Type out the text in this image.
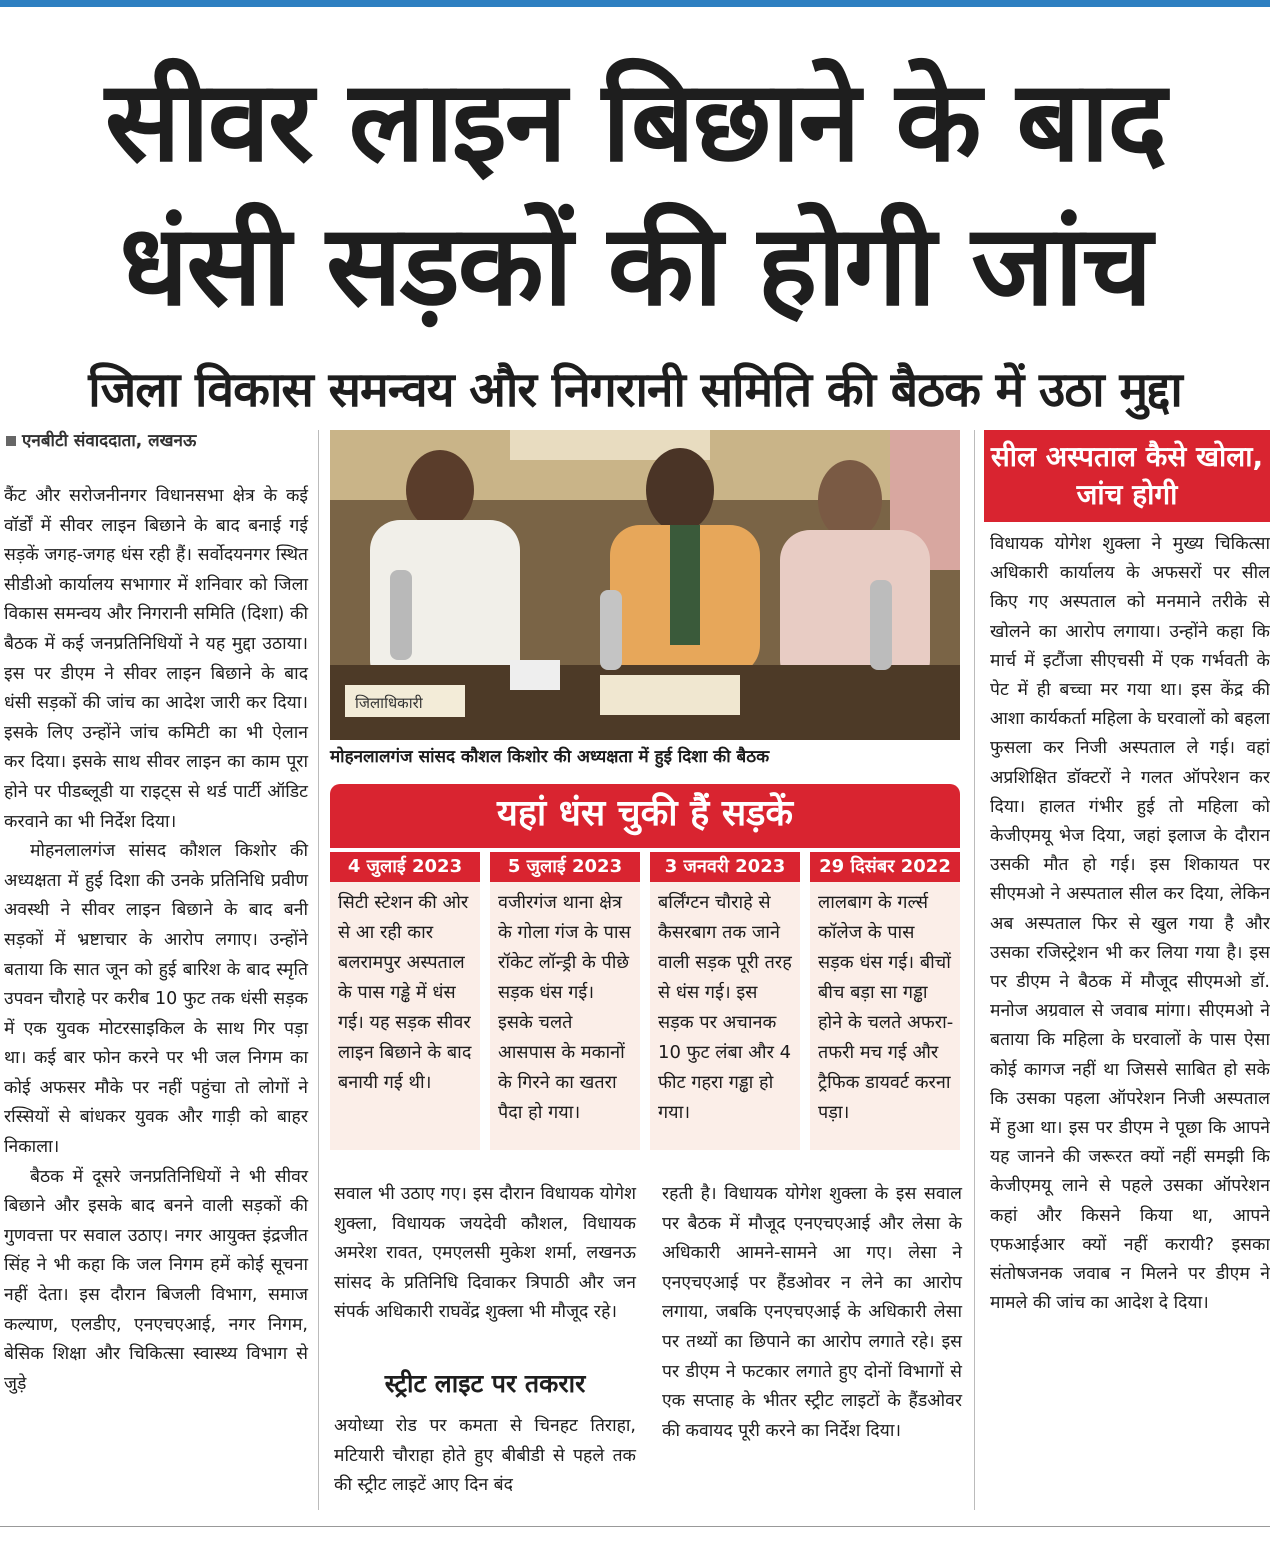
सीवर लाइन बिछाने के बाद
धंसी सड़कों की होगी जांच
जिला विकास समन्वय और निगरानी समिति की बैठक में उठा मुद्दा
एनबीटी संवाददाता, लखनऊ

कैंट और सरोजनीनगर विधानसभा क्षेत्र के कई वॉर्डों में सीवर लाइन बिछाने के बाद बनाई गई सड़कें जगह-जगह धंस रही हैं। सर्वोदयनगर स्थित सीडीओ कार्यालय सभागार में शनिवार को जिला विकास समन्वय और निगरानी समिति (दिशा) की बैठक में कई जनप्रतिनिधियों ने यह मुद्दा उठाया। इस पर डीएम ने सीवर लाइन बिछाने के बाद धंसी सड़कों की जांच का आदेश जारी कर दिया। इसके लिए उन्होंने जांच कमिटी का भी ऐलान कर दिया। इसके साथ सीवर लाइन का काम पूरा होने पर पीडब्लूडी या राइट्स से थर्ड पार्टी ऑडिट करवाने का भी निर्देश दिया।

मोहनलालगंज सांसद कौशल किशोर की अध्यक्षता में हुई दिशा की उनके प्रतिनिधि प्रवीण अवस्थी ने सीवर लाइन बिछाने के बाद बनी सड़कों में भ्रष्टाचार के आरोप लगाए। उन्होंने बताया कि सात जून को हुई बारिश के बाद स्मृति उपवन चौराहे पर करीब 10 फुट तक धंसी सड़क में एक युवक मोटरसाइकिल के साथ गिर पड़ा था। कई बार फोन करने पर भी जल निगम का कोई अफसर मौके पर नहीं पहुंचा तो लोगों ने रस्सियों से बांधकर युवक और गाड़ी को बाहर निकाला।

बैठक में दूसरे जनप्रतिनिधियों ने भी सीवर बिछाने और इसके बाद बनने वाली सड़कों की गुणवत्ता पर सवाल उठाए। नगर आयुक्त इंद्रजीत सिंह ने भी कहा कि जल निगम हमें कोई सूचना नहीं देता। इस दौरान बिजली विभाग, समाज कल्याण, एलडीए, एनएचएआई, नगर निगम, बेसिक शिक्षा और चिकित्सा स्वास्थ्य विभाग से जुड़े

जिलाधिकारी
मोहनलालगंज सांसद कौशल किशोर की अध्यक्षता में हुई दिशा की बैठक
सील अस्पताल कैसे खोला, जांच होगी
विधायक योगेश शुक्ला ने मुख्य चिकित्सा अधिकारी कार्यालय के अफसरों पर सील किए गए अस्पताल को मनमाने तरीके से खोलने का आरोप लगाया। उन्होंने कहा कि मार्च में इटौंजा सीएचसी में एक गर्भवती के पेट में ही बच्चा मर गया था। इस केंद्र की आशा कार्यकर्ता महिला के घरवालों को बहला फुसला कर निजी अस्पताल ले गई। वहां अप्रशिक्षित डॉक्टरों ने गलत ऑपरेशन कर दिया। हालत गंभीर हुई तो महिला को केजीएमयू भेज दिया, जहां इलाज के दौरान उसकी मौत हो गई। इस शिकायत पर सीएमओ ने अस्पताल सील कर दिया, लेकिन अब अस्पताल फिर से खुल गया है और उसका रजिस्ट्रेशन भी कर लिया गया है। इस पर डीएम ने बैठक में मौजूद सीएमओ डॉ. मनोज अग्रवाल से जवाब मांगा। सीएमओ ने बताया कि महिला के घरवालों के पास ऐसा कोई कागज नहीं था जिससे साबित हो सके कि उसका पहला ऑपरेशन निजी अस्पताल में हुआ था। इस पर डीएम ने पूछा कि आपने यह जानने की जरूरत क्यों नहीं समझी कि केजीएमयू लाने से पहले उसका ऑपरेशन कहां और किसने किया था, आपने एफआईआर क्यों नहीं करायी? इसका संतोषजनक जवाब न मिलने पर डीएम ने मामले की जांच का आदेश दे दिया।
यहां धंस चुकी हैं सड़कें
4 जुलाई 2023
सिटी स्टेशन की ओर से आ रही कार बलरामपुर अस्पताल के पास गड्ढे में धंस गई। यह सड़क सीवर लाइन बिछाने के बाद बनायी गई थी।
5 जुलाई 2023
वजीरगंज थाना क्षेत्र के गोला गंज के पास रॉकेट लॉन्ड्री के पीछे सड़क धंस गई। इसके चलते आसपास के मकानों के गिरने का खतरा पैदा हो गया।
3 जनवरी 2023
बर्लिंग्टन चौराहे से कैसरबाग तक जाने वाली सड़क पूरी तरह से धंस गई। इस सड़क पर अचानक 10 फुट लंबा और 4 फीट गहरा गड्ढा हो गया।
29 दिसंबर 2022
लालबाग के गर्ल्स कॉलेज के पास सड़क धंस गई। बीचों बीच बड़ा सा गड्ढा होने के चलते अफरा-तफरी मच गई और ट्रैफिक डायवर्ट करना पड़ा।

सवाल भी उठाए गए। इस दौरान विधायक योगेश शुक्ला, विधायक जयदेवी कौशल, विधायक अमरेश रावत, एमएलसी मुकेश शर्मा, लखनऊ सांसद के प्रतिनिधि दिवाकर त्रिपाठी और जन संपर्क अधिकारी राघवेंद्र शुक्ला भी मौजूद रहे।

स्ट्रीट लाइट पर तकरार

अयोध्या रोड पर कमता से चिनहट तिराहा, मटियारी चौराहा होते हुए बीबीडी से पहले तक की स्ट्रीट लाइटें आए दिन बंद

रहती है। विधायक योगेश शुक्ला के इस सवाल पर बैठक में मौजूद एनएचएआई और लेसा के अधिकारी आमने-सामने आ गए। लेसा ने एनएचएआई पर हैंडओवर न लेने का आरोप लगाया, जबकि एनएचएआई के अधिकारी लेसा पर तथ्यों का छिपाने का आरोप लगाते रहे। इस पर डीएम ने फटकार लगाते हुए दोनों विभागों से एक सप्ताह के भीतर स्ट्रीट लाइटों के हैंडओवर की कवायद पूरी करने का निर्देश दिया।
